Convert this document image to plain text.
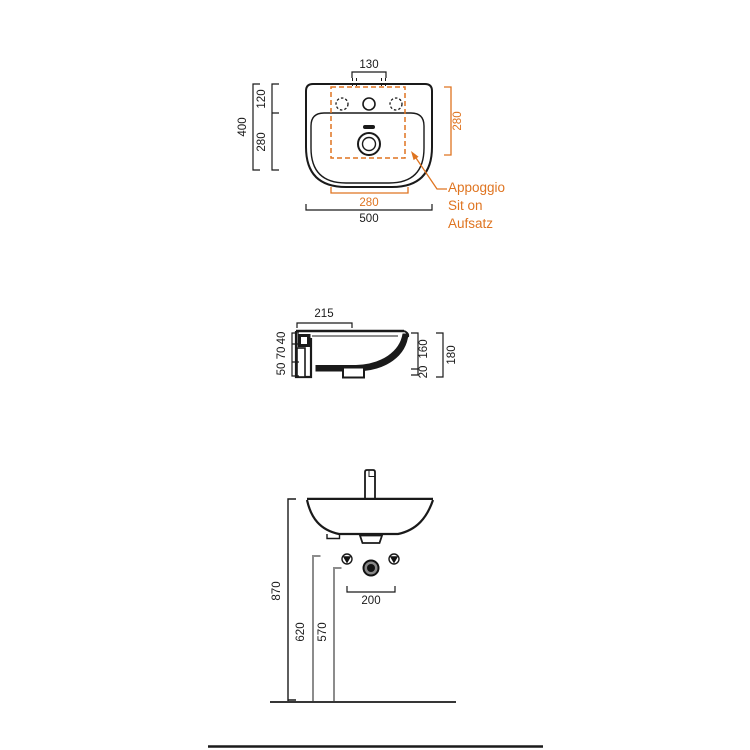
130
400
120
280
280
280
500
Appoggio
Sit on
Aufsatz
215
40
70
50
160
20
180
200
870
620 570
